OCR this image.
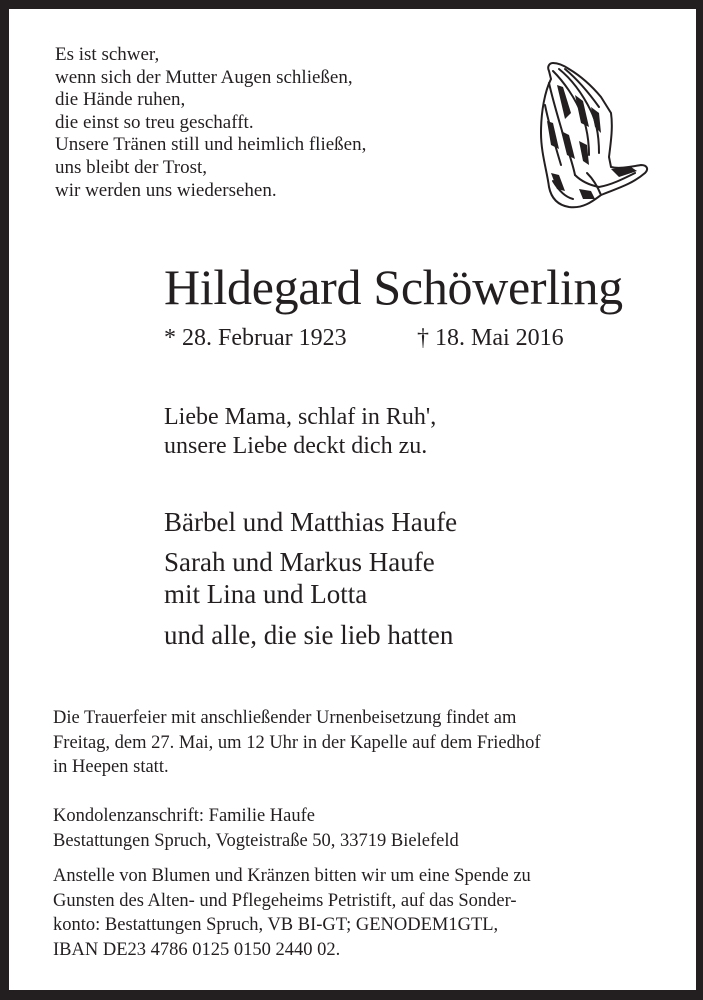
Es ist schwer,
wenn sich der Mutter Augen schließen,
die Hände ruhen,
die einst so treu geschafft.
Unsere Tränen still und heimlich fließen,
uns bleibt der Trost,
wir werden uns wiedersehen.
Hildegard Schöwerling
* 28. Februar 1923	† 18. Mai 2016
Liebe Mama, schlaf in Ruh',
unsere Liebe deckt dich zu.
Bärbel und Matthias Haufe
Sarah und Markus Haufe
mit Lina und Lotta
und alle, die sie lieb hatten
Die Trauerfeier mit anschließender Urnenbeisetzung findet am
Freitag, dem 27. Mai, um 12 Uhr in der Kapelle auf dem Friedhof
in Heepen statt.
Kondolenzanschrift: Familie Haufe
Bestattungen Spruch, Vogteistraße 50, 33719 Bielefeld
Anstelle von Blumen und Kränzen bitten wir um eine Spende zu
Gunsten des Alten- und Pflegeheims Petristift, auf das Sonder-
konto: Bestattungen Spruch, VB BI-GT; GENODEM1GTL,
IBAN DE23 4786 0125 0150 2440 02.
